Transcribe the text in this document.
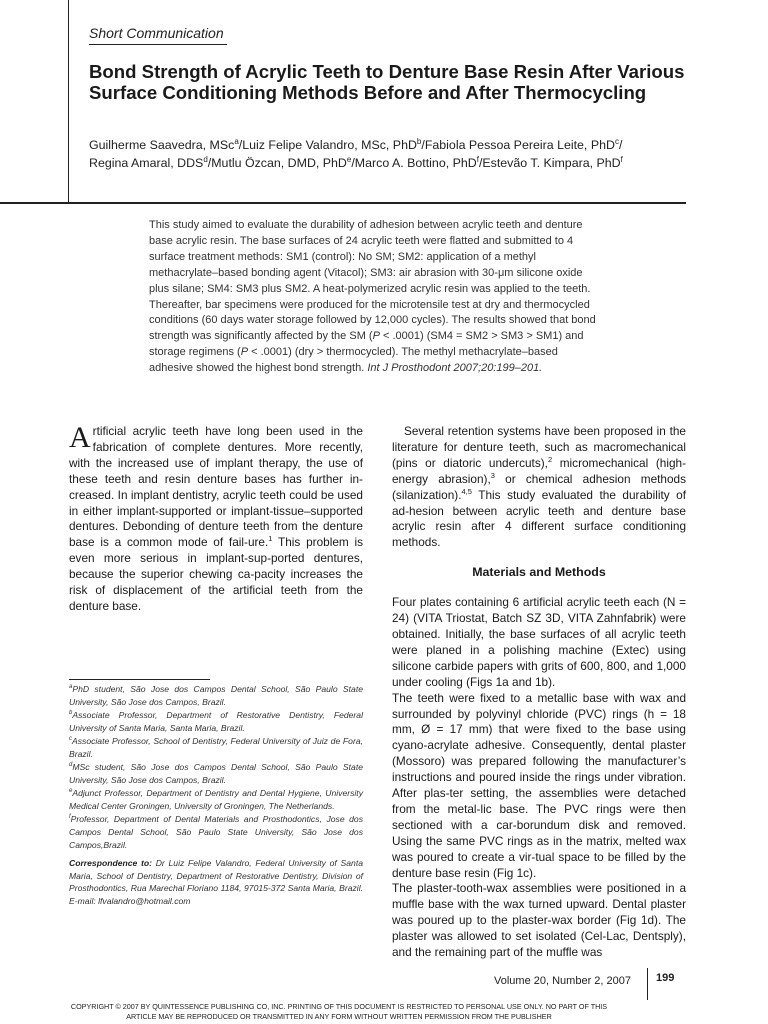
Short Communication
Bond Strength of Acrylic Teeth to Denture Base Resin After Various Surface Conditioning Methods Before and After Thermocycling
Guilherme Saavedra, MSc$^a$/Luiz Felipe Valandro, MSc, PhD$^b$/Fabiola Pessoa Pereira Leite, PhD$^c$/
Regina Amaral, DDS$^d$/Mutlu Özcan, DMD, PhD$^e$/Marco A. Bottino, PhD$^f$/Estevão T. Kimpara, PhD$^f$
This study aimed to evaluate the durability of adhesion between acrylic teeth and denture base acrylic resin. The base surfaces of 24 acrylic teeth were flatted and submitted to 4 surface treatment methods: SM1 (control): No SM; SM2: application of a methyl methacrylate–based bonding agent (Vitacol); SM3: air abrasion with 30-μm silicone oxide plus silane; SM4: SM3 plus SM2. A heat-polymerized acrylic resin was applied to the teeth. Thereafter, bar specimens were produced for the microtensile test at dry and thermocycled conditions (60 days water storage followed by 12,000 cycles). The results showed that bond strength was significantly affected by the SM (P < .0001) (SM4 = SM2 > SM3 > SM1) and storage regimens (P < .0001) (dry > thermocycled). The methyl methacrylate–based adhesive showed the highest bond strength. Int J Prosthodont 2007;20:199–201.

Artificial acrylic teeth have long been used in the fabrication of complete dentures. More recently, with the increased use of implant therapy, the use of these teeth and resin denture bases has further in-creased. In implant dentistry, acrylic teeth could be used in either implant-supported or implant-tissue–supported dentures. Debonding of denture teeth from the denture base is a common mode of fail-ure.$^1$ This problem is even more serious in implant-sup-ported dentures, because the superior chewing ca-pacity increases the risk of displacement of the artificial teeth from the denture base.

Several retention systems have been proposed in the literature for denture teeth, such as macromechanical (pins or diatoric undercuts),$^2$ micromechanical (high-energy abrasion),$^3$ or chemical adhesion methods (silanization).$^{4,5}$ This study evaluated the durability of ad-hesion between acrylic teeth and denture base acrylic resin after 4 different surface conditioning methods.

Materials and Methods

Four plates containing 6 artificial acrylic teeth each (N = 24) (VITA Triostat, Batch SZ 3D, VITA Zahnfabrik) were obtained. Initially, the base surfaces of all acrylic teeth were planed in a polishing machine (Extec) using silicone carbide papers with grits of 600, 800, and 1,000 under cooling (Figs 1a and 1b).

The teeth were fixed to a metallic base with wax and surrounded by polyvinyl chloride (PVC) rings (h = 18 mm, Ø = 17 mm) that were fixed to the base using cyano-acrylate adhesive. Consequently, dental plaster (Mossoro) was prepared following the manufacturer’s instructions and poured inside the rings under vibration. After plas-ter setting, the assemblies were detached from the metal-lic base. The PVC rings were then sectioned with a car-borundum disk and removed. Using the same PVC rings as in the matrix, melted wax was poured to create a vir-tual space to be filled by the denture base resin (Fig 1c).

The plaster-tooth-wax assemblies were positioned in a muffle base with the wax turned upward. Dental plaster was poured up to the plaster-wax border (Fig 1d). The plaster was allowed to set isolated (Cel-Lac, Dentsply), and the remaining part of the muffle was

$^a$PhD student, São Jose dos Campos Dental School, São Paulo State University, São Jose dos Campos, Brazil.

$^b$Associate Professor, Department of Restorative Dentistry, Federal University of Santa Maria, Santa Maria, Brazil.

$^c$Associate Professor, School of Dentistry, Federal University of Juiz de Fora, Brazil.

$^d$MSc student, São Jose dos Campos Dental School, São Paulo State University, São Jose dos Campos, Brazil.

$^e$Adjunct Professor, Department of Dentistry and Dental Hygiene, University Medical Center Groningen, University of Groningen, The Netherlands.

$^f$Professor, Department of Dental Materials and Prosthodontics, Jose dos Campos Dental School, São Paulo State University, São Jose dos Campos,Brazil.

Correspondence to: Dr Luiz Felipe Valandro, Federal University of Santa Maria, School of Dentistry, Department of Restorative Dentistry, Division of Prosthodontics, Rua Marechal Floriano 1184, 97015-372 Santa Maria, Brazil. E-mail: lfvalandro@hotmail.com

Volume 20, Number 2, 2007 199
COPYRIGHT © 2007 BY QUINTESSENCE PUBLISHING CO, INC. PRINTING OF THIS DOCUMENT IS RESTRICTED TO PERSONAL USE ONLY. NO PART OF THIS
ARTICLE MAY BE REPRODUCED OR TRANSMITTED IN ANY FORM WITHOUT WRITTEN PERMISSION FROM THE PUBLISHER
